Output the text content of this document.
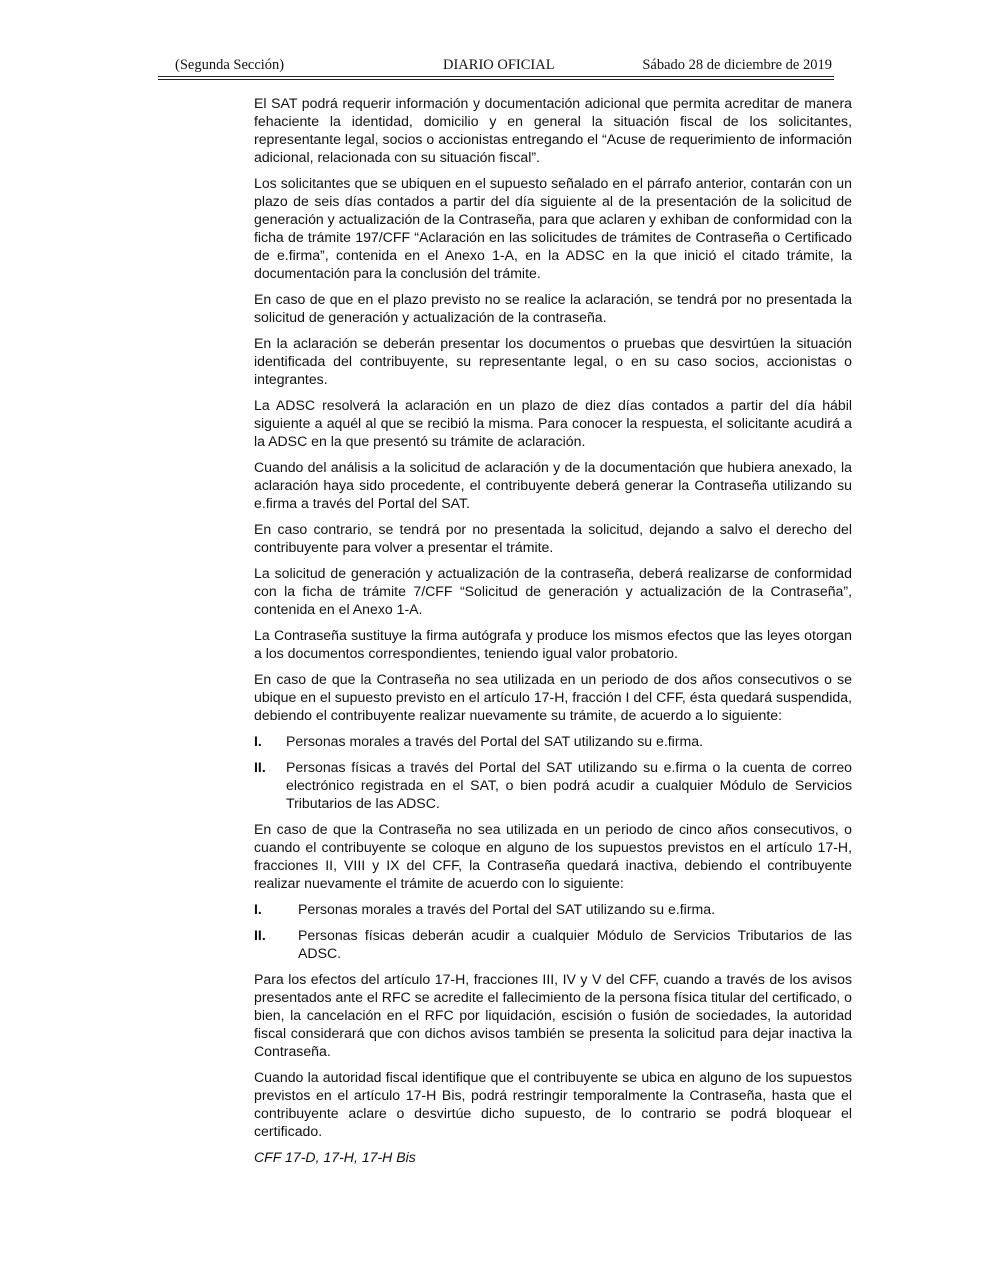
(Segunda Sección)	DIARIO OFICIAL	Sábado 28 de diciembre de 2019

El SAT podrá requerir información y documentación adicional que permita acreditar de manera fehaciente la identidad, domicilio y en general la situación fiscal de los solicitantes, representante legal, socios o accionistas entregando el “Acuse de requerimiento de información adicional, relacionada con su situación fiscal”.

Los solicitantes que se ubiquen en el supuesto señalado en el párrafo anterior, contarán con un plazo de seis días contados a partir del día siguiente al de la presentación de la solicitud de generación y actualización de la Contraseña, para que aclaren y exhiban de conformidad con la ficha de trámite 197/CFF “Aclaración en las solicitudes de trámites de Contraseña o Certificado de e.firma”, contenida en el Anexo 1-A, en la ADSC en la que inició el citado trámite, la documentación para la conclusión del trámite.

En caso de que en el plazo previsto no se realice la aclaración, se tendrá por no presentada la solicitud de generación y actualización de la contraseña.

En la aclaración se deberán presentar los documentos o pruebas que desvirtúen la situación identificada del contribuyente, su representante legal, o en su caso socios, accionistas o integrantes.

La ADSC resolverá la aclaración en un plazo de diez días contados a partir del día hábil siguiente a aquél al que se recibió la misma. Para conocer la respuesta, el solicitante acudirá a la ADSC en la que presentó su trámite de aclaración.

Cuando del análisis a la solicitud de aclaración y de la documentación que hubiera anexado, la aclaración haya sido procedente, el contribuyente deberá generar la Contraseña utilizando su e.firma a través del Portal del SAT.

En caso contrario, se tendrá por no presentada la solicitud, dejando a salvo el derecho del contribuyente para volver a presentar el trámite.

La solicitud de generación y actualización de la contraseña, deberá realizarse de conformidad con la ficha de trámite 7/CFF “Solicitud de generación y actualización de la Contraseña”, contenida en el Anexo 1-A.

La Contraseña sustituye la firma autógrafa y produce los mismos efectos que las leyes otorgan a los documentos correspondientes, teniendo igual valor probatorio.

En caso de que la Contraseña no sea utilizada en un periodo de dos años consecutivos o se ubique en el supuesto previsto en el artículo 17-H, fracción I del CFF, ésta quedará suspendida, debiendo el contribuyente realizar nuevamente su trámite, de acuerdo a lo siguiente:

I.	Personas morales a través del Portal del SAT utilizando su e.firma.
II.	Personas físicas a través del Portal del SAT utilizando su e.firma o la cuenta de correo electrónico registrada en el SAT, o bien podrá acudir a cualquier Módulo de Servicios Tributarios de las ADSC.

En caso de que la Contraseña no sea utilizada en un periodo de cinco años consecutivos, o cuando el contribuyente se coloque en alguno de los supuestos previstos en el artículo 17-H, fracciones II, VIII y IX del CFF, la Contraseña quedará inactiva, debiendo el contribuyente realizar nuevamente el trámite de acuerdo con lo siguiente:

I.	Personas morales a través del Portal del SAT utilizando su e.firma.
II.	Personas físicas deberán acudir a cualquier Módulo de Servicios Tributarios de las ADSC.

Para los efectos del artículo 17-H, fracciones III, IV y V del CFF, cuando a través de los avisos presentados ante el RFC se acredite el fallecimiento de la persona física titular del certificado, o bien, la cancelación en el RFC por liquidación, escisión o fusión de sociedades, la autoridad fiscal considerará que con dichos avisos también se presenta la solicitud para dejar inactiva la Contraseña.

Cuando la autoridad fiscal identifique que el contribuyente se ubica en alguno de los supuestos previstos en el artículo 17-H Bis, podrá restringir temporalmente la Contraseña, hasta que el contribuyente aclare o desvirtúe dicho supuesto, de lo contrario se podrá bloquear el certificado.

CFF 17-D, 17-H, 17-H Bis
